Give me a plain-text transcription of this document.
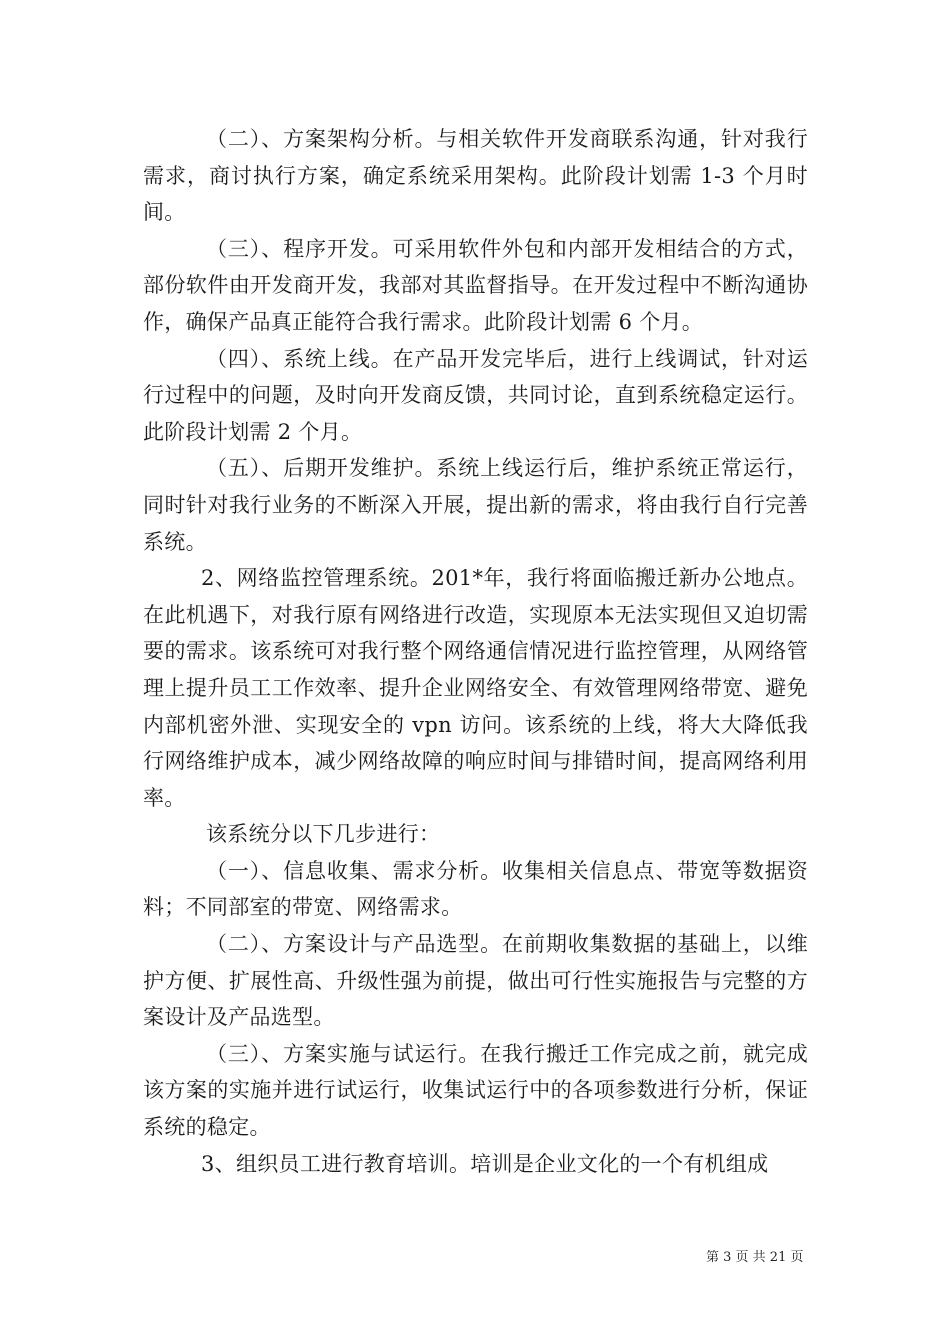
（二）、方案架构分析。与相关软件开发商联系沟通，针对我行需求，商讨执行方案，确定系统采用架构。此阶段计划需 1-3 个月时间。

（三）、程序开发。可采用软件外包和内部开发相结合的方式，部份软件由开发商开发，我部对其监督指导。在开发过程中不断沟通协作，确保产品真正能符合我行需求。此阶段计划需 6 个月。

（四）、系统上线。在产品开发完毕后，进行上线调试，针对运行过程中的问题，及时向开发商反馈，共同讨论，直到系统稳定运行。此阶段计划需 2 个月。

（五）、后期开发维护。系统上线运行后，维护系统正常运行，同时针对我行业务的不断深入开展，提出新的需求，将由我行自行完善系统。

2、网络监控管理系统。201*年，我行将面临搬迁新办公地点。在此机遇下，对我行原有网络进行改造，实现原本无法实现但又迫切需要的需求。该系统可对我行整个网络通信情况进行监控管理，从网络管理上提升员工工作效率、提升企业网络安全、有效管理网络带宽、避免内部机密外泄、实现安全的 vpn 访问。该系统的上线，将大大降低我行网络维护成本，减少网络故障的响应时间与排错时间，提高网络利用率。

该系统分以下几步进行：

（一）、信息收集、需求分析。收集相关信息点、带宽等数据资料；不同部室的带宽、网络需求。

（二）、方案设计与产品选型。在前期收集数据的基础上，以维护方便、扩展性高、升级性强为前提，做出可行性实施报告与完整的方案设计及产品选型。

（三）、方案实施与试运行。在我行搬迁工作完成之前，就完成该方案的实施并进行试运行，收集试运行中的各项参数进行分析，保证系统的稳定。

3、组织员工进行教育培训。培训是企业文化的一个有机组成

第 3 页 共 21 页
